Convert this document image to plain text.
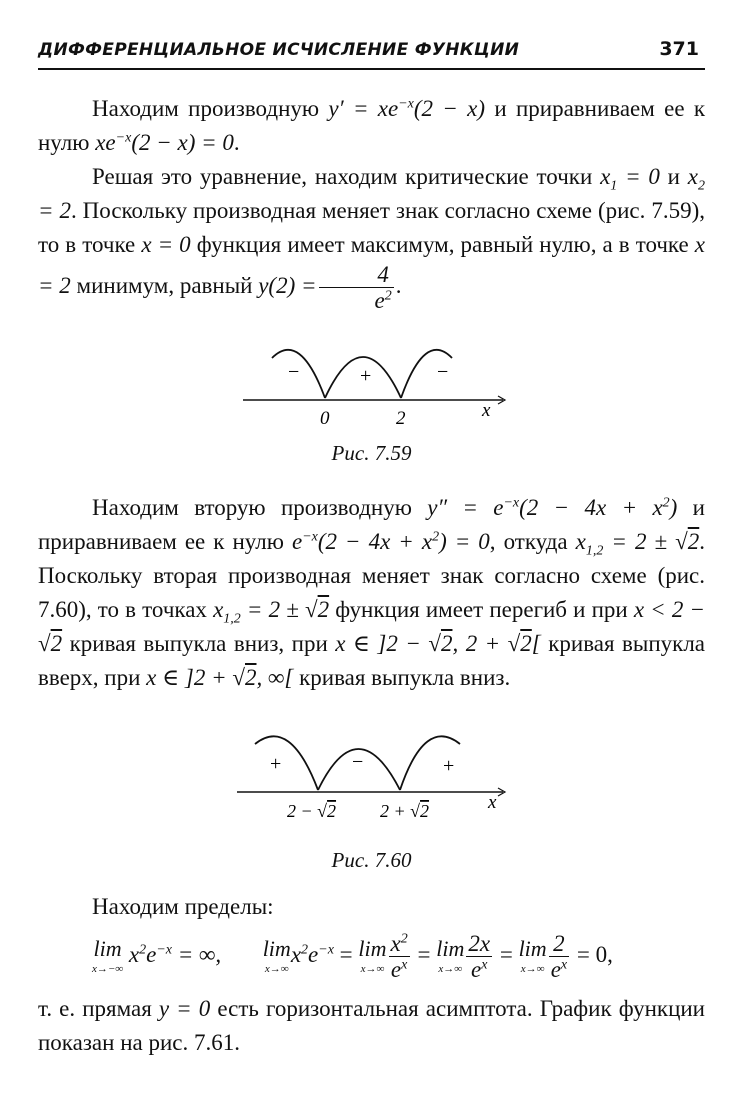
ДИФФЕРЕНЦИАЛЬНОЕ ИСЧИСЛЕНИЕ ФУНКЦИИ	371
Находим производную $y' = xe^{-x}(2 - x)$ и приравниваем ее к нулю $xe^{-x}(2 - x) = 0$.
Решая это уравнение, находим критические точки $x_1 = 0$ и $x_2 = 2$. Поскольку производная меняет знак согласно схеме (рис. 7.59), то в точке x = 0 функция имеет максимум, равный нулю, а в точке x = 2 минимум, равный $y(2) = \frac{4}{e^2}$ .
−	+	−
0	2	x
Рис. 7.59
Находим вторую производную $y'' = e^{-x}(2 - 4x + x^2)$ и приравниваем ее к нулю $e^{-x}(2 - 4x + x^2) = 0$, откуда $x_{1,2} = 2 \pm √2$. Поскольку вторая производная меняет знак согласно схеме (рис. 7.60), то в точках $x_{1,2} = 2 \pm √2$ функция имеет перегиб и при x < 2 − √2 кривая выпукла вниз, при x ∈ ]2 − √2, 2 + √2[ кривая выпукла вверх, при x ∈ ]2 + √2, ∞[ кривая выпукла вниз.
+	−	+
2 − √2 2 + √2	x
Рис. 7.60
Находим пределы:
lim
x→−∞
$x^2e^{-x}$ = ∞, lim
x→∞
$x^2e^{-x} = \lim$
$x\to\infty \frac{x^2}{e^x} = \lim$
$x\to\infty \frac{2x}{e^x} = \lim$
$x\to\infty \frac{2}{e^x} = 0$,
т. е. прямая y = 0 есть горизонтальная асимптота. График функции показан на рис. 7.61.
